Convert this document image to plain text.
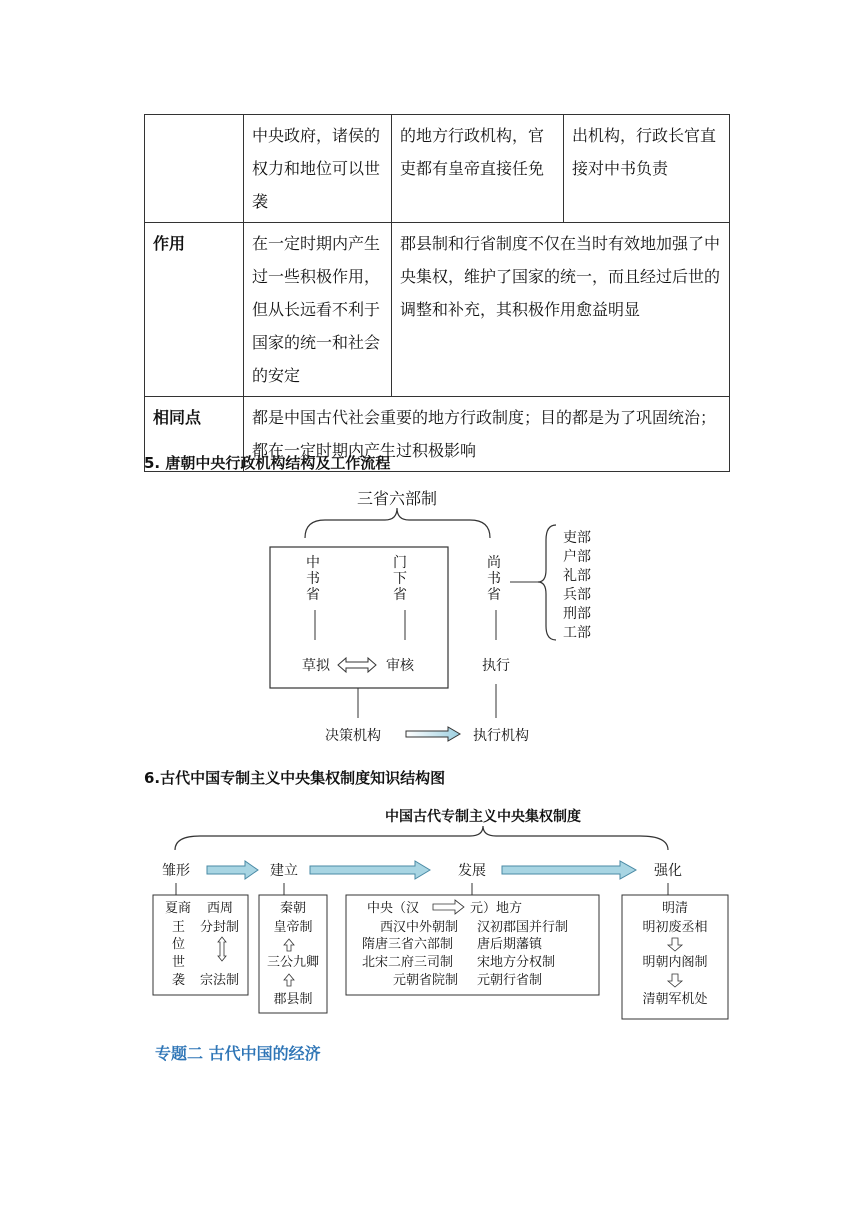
	中央政府，诸侯的权力和地位可以世袭	的地方行政机构，官吏都有皇帝直接任免	出机构，行政长官直接对中书负责
作用	在一定时期内产生过一些积极作用，但从长远看不利于国家的统一和社会的安定	郡县制和行省制度不仅在当时有效地加强了中央集权，维护了国家的统一，而且经过后世的调整和补充，其积极作用愈益明显	
相同点	都是中国古代社会重要的地方行政制度；目的都是为了巩固统治；都在一定时期内产生过积极影响		
5. 唐朝中央行政机构结构及工作流程
三省六部制
中
书
省
门
下
省
尚
书
省
吏部
户部
礼部
兵部
刑部
工部
草拟	审核	执行
决策机构	执行机构
6.古代中国专制主义中央集权制度知识结构图
中国古代专制主义中央集权制度
雏形	建立	发展	强化
夏商
王
位
世
袭
西周
分封制
宗法制
秦朝
皇帝制
三公九卿
郡县制
中央（汉	元）地方
西汉中外朝制
隋唐三省六部制
北宋二府三司制
元朝省院制
汉初郡国并行制
唐后期藩镇
宋地方分权制
元朝行省制
明清
明初废丞相
明朝内阁制
清朝军机处
专题二 古代中国的经济
